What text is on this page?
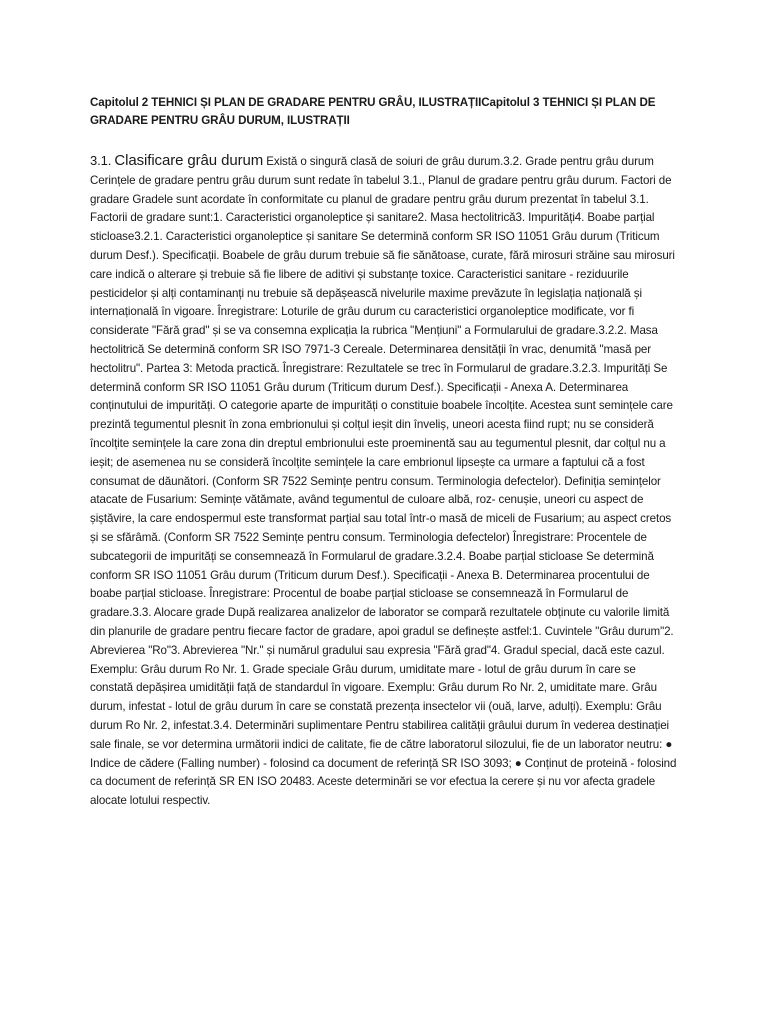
Capitolul 2 TEHNICI ȘI PLAN DE GRADARE PENTRU GRÂU, ILUSTRAȚIICapitolul 3 TEHNICI ȘI PLAN DE GRADARE PENTRU GRÂU DURUM, ILUSTRAȚII

3.1. Clasificare grâu durum Există o singură clasă de soiuri de grâu durum.3.2. Grade pentru grâu durum Cerințele de gradare pentru grâu durum sunt redate în tabelul 3.1., Planul de gradare pentru grâu durum. Factori de gradare Gradele sunt acordate în conformitate cu planul de gradare pentru grâu durum prezentat în tabelul 3.1. Factorii de gradare sunt:1. Caracteristici organoleptice și sanitare2. Masa hectolitrică3. Impurități4. Boabe parțial sticloase3.2.1. Caracteristici organoleptice și sanitare Se determină conform SR ISO 11051 Grâu durum (Triticum durum Desf.). Specificații. Boabele de grâu durum trebuie să fie sănătoase, curate, fără mirosuri străine sau mirosuri care indică o alterare și trebuie să fie libere de aditivi și substanțe toxice. Caracteristici sanitare - reziduurile pesticidelor și alți contaminanți nu trebuie să depășească nivelurile maxime prevăzute în legislația națională și internațională în vigoare. Înregistrare: Loturile de grâu durum cu caracteristici organoleptice modificate, vor fi considerate "Fără grad" și se va consemna explicația la rubrica "Mențiuni" a Formularului de gradare.3.2.2. Masa hectolitrică Se determină conform SR ISO 7971-3 Cereale. Determinarea densității în vrac, denumită "masă per hectolitru". Partea 3: Metoda practică. Înregistrare: Rezultatele se trec în Formularul de gradare.3.2.3. Impurități Se determină conform SR ISO 11051 Grâu durum (Triticum durum Desf.). Specificații - Anexa A. Determinarea conținutului de impurități. O categorie aparte de impurități o constituie boabele încolțite. Acestea sunt semințele care prezintă tegumentul plesnit în zona embrionului și colțul ieșit din înveliș, uneori acesta fiind rupt; nu se consideră încolțite semințele la care zona din dreptul embrionului este proeminentă sau au tegumentul plesnit, dar colțul nu a ieșit; de asemenea nu se consideră încolțite semințele la care embrionul lipsește ca urmare a faptului că a fost consumat de dăunători. (Conform SR 7522 Semințe pentru consum. Terminologia defectelor). Definiția semințelor atacate de Fusarium: Semințe vătămate, având tegumentul de culoare albă, roz- cenușie, uneori cu aspect de șiștăvire, la care endospermul este transformat parțial sau total într-o masă de miceli de Fusarium; au aspect cretos și se sfărâmă. (Conform SR 7522 Semințe pentru consum. Terminologia defectelor) Înregistrare: Procentele de subcategorii de impurități se consemnează în Formularul de gradare.3.2.4. Boabe parțial sticloase Se determină conform SR ISO 11051 Grâu durum (Triticum durum Desf.). Specificații - Anexa B. Determinarea procentului de boabe parțial sticloase. Înregistrare: Procentul de boabe parțial sticloase se consemnează în Formularul de gradare.3.3. Alocare grade După realizarea analizelor de laborator se compară rezultatele obținute cu valorile limită din planurile de gradare pentru fiecare factor de gradare, apoi gradul se definește astfel:1. Cuvintele "Grâu durum"2. Abrevierea "Ro"3. Abrevierea "Nr." și numărul gradului sau expresia "Fără grad"4. Gradul special, dacă este cazul. Exemplu: Grâu durum Ro Nr. 1. Grade speciale Grâu durum, umiditate mare - lotul de grâu durum în care se constată depășirea umidității față de standardul în vigoare. Exemplu: Grâu durum Ro Nr. 2, umiditate mare. Grâu durum, infestat - lotul de grâu durum în care se constată prezența insectelor vii (ouă, larve, adulți). Exemplu: Grâu durum Ro Nr. 2, infestat.3.4. Determinări suplimentare Pentru stabilirea calității grâului durum în vederea destinației sale finale, se vor determina următorii indici de calitate, fie de către laboratorul silozului, fie de un laborator neutru: ● Indice de cădere (Falling number) - folosind ca document de referință SR ISO 3093; ● Conținut de proteină - folosind ca document de referință SR EN ISO 20483. Aceste determinări se vor efectua la cerere și nu vor afecta gradele alocate lotului respectiv.
